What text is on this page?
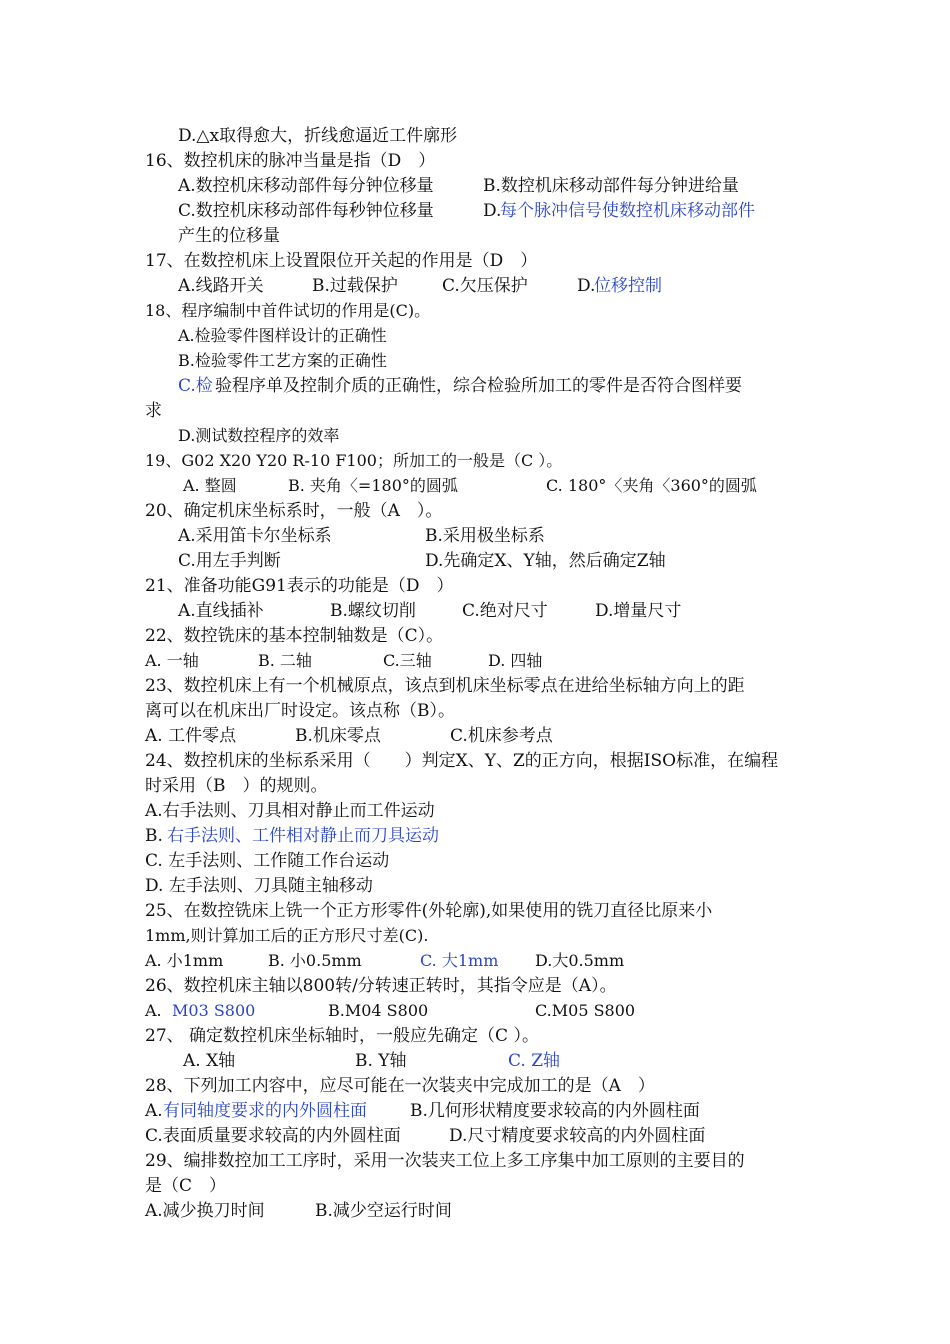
D.△x取得愈大，折线愈逼近工件廓形
16、数控机床的脉冲当量是指（D　）
A.数控机床移动部件每分钟位移量	B.数控机床移动部件每分钟进给量
C.数控机床移动部件每秒钟位移量	D.
每个脉冲信号使数控机床移动部件
产生的位移量
17、在数控机床上设置限位开关起的作用是（D　）
A.线路开关	B.过载保护	C.欠压保护	D.
位移控制
18、程序编制中首件试切的作用是(C)。
A.检验零件图样设计的正确性
B.检验零件工艺方案的正确性
C.检 验程序单及控制介质的正确性，综合检验所加工的零件是否符合图样要
求
D.测试数控程序的效率
19、G02 X20 Y20 R-10 F100；所加工的一般是（C ）。
A. 整圆	B. 夹角〈=180°的圆弧	C. 180°〈夹角〈360°的圆弧
20、确定机床坐标系时，一般（A　）。
A.采用笛卡尔坐标系	B.采用极坐标系
C.用左手判断	D.先确定X、Y轴，然后确定Z轴
21、准备功能G91表示的功能是（D　）
A.直线插补	B.螺纹切削	C.绝对尺寸	D.增量尺寸
22、数控铣床的基本控制轴数是（C）。
A. 一轴	B. 二轴	C.三轴	D. 四轴
23、数控机床上有一个机械原点，该点到机床坐标零点在进给坐标轴方向上的距
离可以在机床出厂时设定。该点称（B）。
A. 工件零点	B.机床零点	C.机床参考点
24、数控机床的坐标系采用（　　）判定X、Y、Z的正方向，根据ISO标准，在编程
时采用（B　）的规则。
A.右手法则、刀具相对静止而工件运动
B. 右手法则、工件相对静止而刀具运动
C. 左手法则、工作随工作台运动
D. 左手法则、刀具随主轴移动
25、在数控铣床上铣一个正方形零件(外轮廓),如果使用的铣刀直径比原来小
1mm,则计算加工后的正方形尺寸差(C).
A. 小1mm	B. 小0.5mm	C. 大1mm D.大0.5mm
26、数控机床主轴以800转/分转速正转时，其指令应是（A）。
A. M03 S800	B.M04 S800	C.M05 S800
27、 确定数控机床坐标轴时，一般应先确定（C ）。
A. X轴	B. Y轴	C. Z轴
28、下列加工内容中，应尽可能在一次装夹中完成加工的是（A　）
A. 有同轴度要求的内外圆柱面	B.几何形状精度要求较高的内外圆柱面
C.表面质量要求较高的内外圆柱面	D.尺寸精度要求较高的内外圆柱面
29、编排数控加工工序时，采用一次装夹工位上多工序集中加工原则的主要目的
是（C　）
A.减少换刀时间	B.减少空运行时间
